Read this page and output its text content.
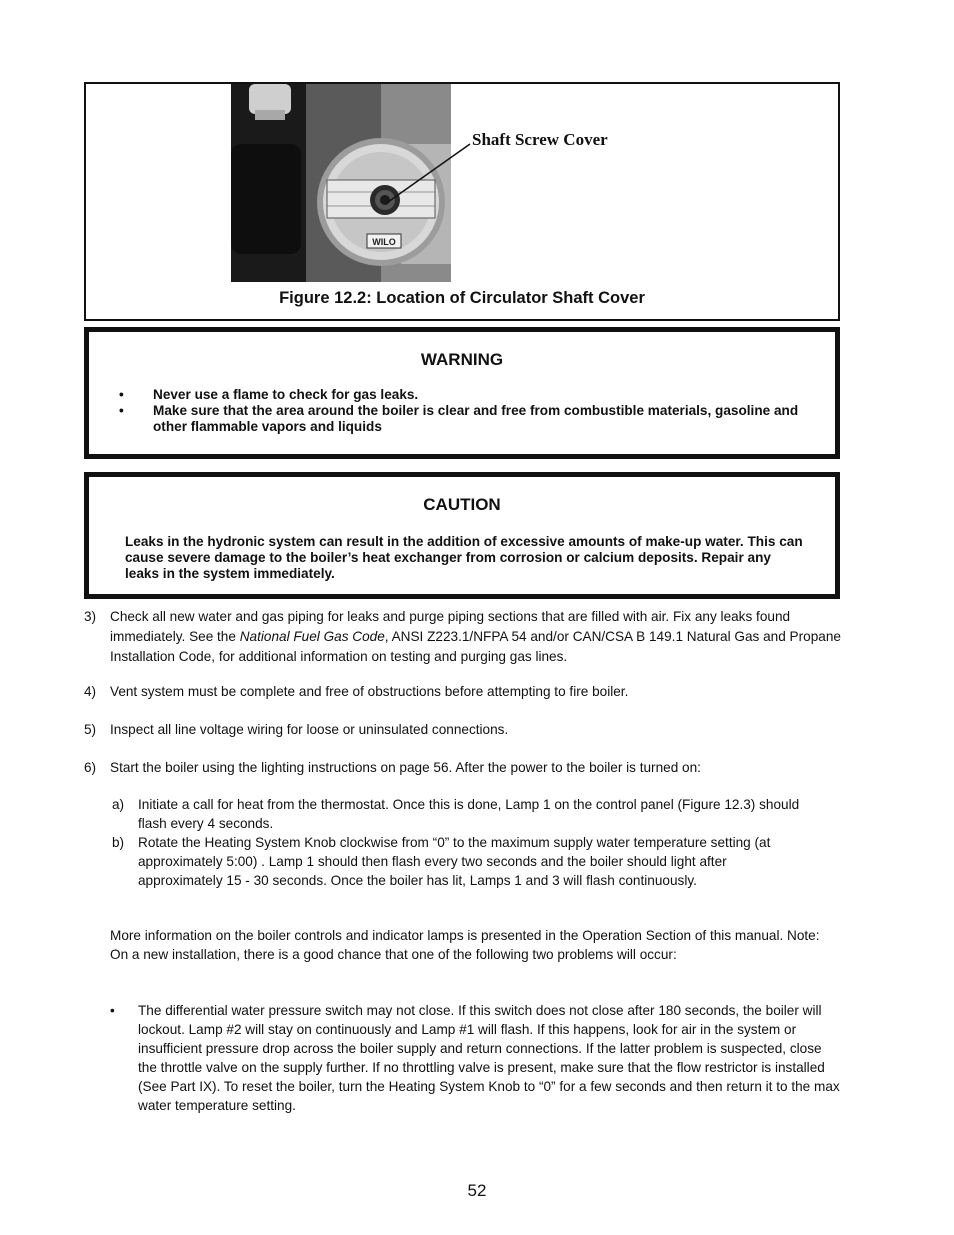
WILO
Shaft Screw Cover
Figure 12.2: Location of Circulator Shaft Cover
WARNING
• Never use a flame to check for gas leaks.
• Make sure that the area around the boiler is clear and free from combustible materials, gasoline and other flammable vapors and liquids
CAUTION

Leaks in the hydronic system can result in the addition of excessive amounts of make-up water. This can cause severe damage to the boiler’s heat exchanger from corrosion or calcium deposits. Repair any leaks in the system immediately.

3)	Check all new water and gas piping for leaks and purge piping sections that are filled with air. Fix any leaks found immediately. See the National Fuel Gas Code, ANSI Z223.1/NFPA 54 and/or CAN/CSA B 149.1 Natural Gas and Propane Installation Code, for additional information on testing and purging gas lines.
4)	Vent system must be complete and free of obstructions before attempting to fire boiler.
5)	Inspect all line voltage wiring for loose or uninsulated connections.
6)	Start the boiler using the lighting instructions on page 56. After the power to the boiler is turned on:
a)	Initiate a call for heat from the thermostat. Once this is done, Lamp 1 on the control panel (Figure 12.3) should flash every 4 seconds.
b)	Rotate the Heating System Knob clockwise from “0” to the maximum supply water temperature setting (at approximately 5:00) . Lamp 1 should then flash every two seconds and the boiler should light after approximately 15 - 30 seconds. Once the boiler has lit, Lamps 1 and 3 will flash continuously.

More information on the boiler controls and indicator lamps is presented in the Operation Section of this manual. Note: On a new installation, there is a good chance that one of the following two problems will occur:

•	The differential water pressure switch may not close. If this switch does not close after 180 seconds, the boiler will lockout. Lamp #2 will stay on continuously and Lamp #1 will flash. If this happens, look for air in the system or insufficient pressure drop across the boiler supply and return connections. If the latter problem is suspected, close the throttle valve on the supply further. If no throttling valve is present, make sure that the flow restrictor is installed (See Part IX). To reset the boiler, turn the Heating System Knob to “0” for a few seconds and then return it to the max water temperature setting.
52
